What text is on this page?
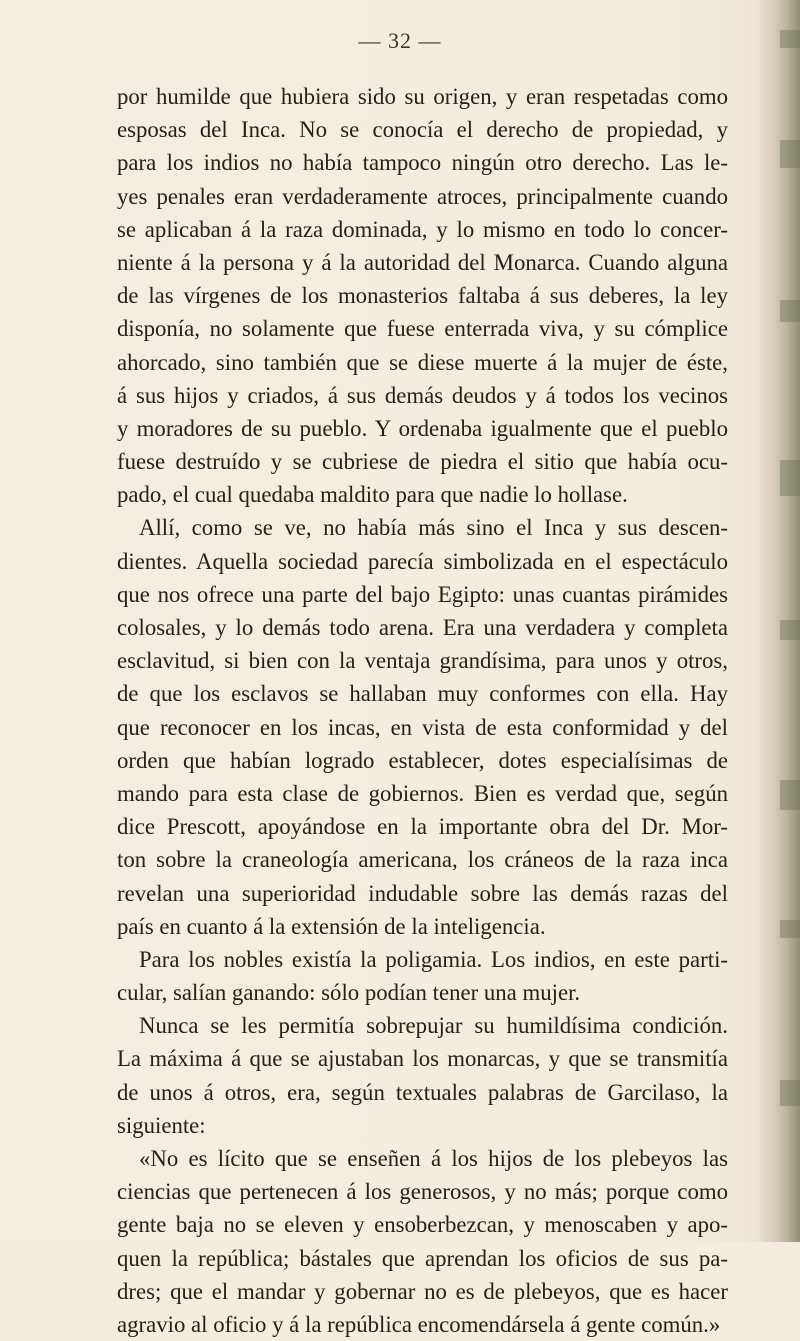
— 32 —
por humilde que hubiera sido su origen, y eran respetadas como
esposas del Inca. No se conocía el derecho de propiedad, y
para los indios no había tampoco ningún otro derecho. Las le-
yes penales eran verdaderamente atroces, principalmente cuando
se aplicaban á la raza dominada, y lo mismo en todo lo concer-
niente á la persona y á la autoridad del Monarca. Cuando alguna
de las vírgenes de los monasterios faltaba á sus deberes, la ley
disponía, no solamente que fuese enterrada viva, y su cómplice
ahorcado, sino también que se diese muerte á la mujer de éste,
á sus hijos y criados, á sus demás deudos y á todos los vecinos
y moradores de su pueblo. Y ordenaba igualmente que el pueblo
fuese destruído y se cubriese de piedra el sitio que había ocu-
pado, el cual quedaba maldito para que nadie lo hollase.
Allí, como se ve, no había más sino el Inca y sus descen-
dientes. Aquella sociedad parecía simbolizada en el espectáculo
que nos ofrece una parte del bajo Egipto: unas cuantas pirámides
colosales, y lo demás todo arena. Era una verdadera y completa
esclavitud, si bien con la ventaja grandísima, para unos y otros,
de que los esclavos se hallaban muy conformes con ella. Hay
que reconocer en los incas, en vista de esta conformidad y del
orden que habían logrado establecer, dotes especialísimas de
mando para esta clase de gobiernos. Bien es verdad que, según
dice Prescott, apoyándose en la importante obra del Dr. Mor-
ton sobre la craneología americana, los cráneos de la raza inca
revelan una superioridad indudable sobre las demás razas del
país en cuanto á la extensión de la inteligencia.
Para los nobles existía la poligamia. Los indios, en este parti-
cular, salían ganando: sólo podían tener una mujer.
Nunca se les permitía sobrepujar su humildísima condición.
La máxima á que se ajustaban los monarcas, y que se transmitía
de unos á otros, era, según textuales palabras de Garcilaso, la
siguiente:
«No es lícito que se enseñen á los hijos de los plebeyos las
ciencias que pertenecen á los generosos, y no más; porque como
gente baja no se eleven y ensoberbezcan, y menoscaben y apo-
quen la república; bástales que aprendan los oficios de sus pa-
dres; que el mandar y gobernar no es de plebeyos, que es hacer
agravio al oficio y á la república encomendársela á gente común.»
